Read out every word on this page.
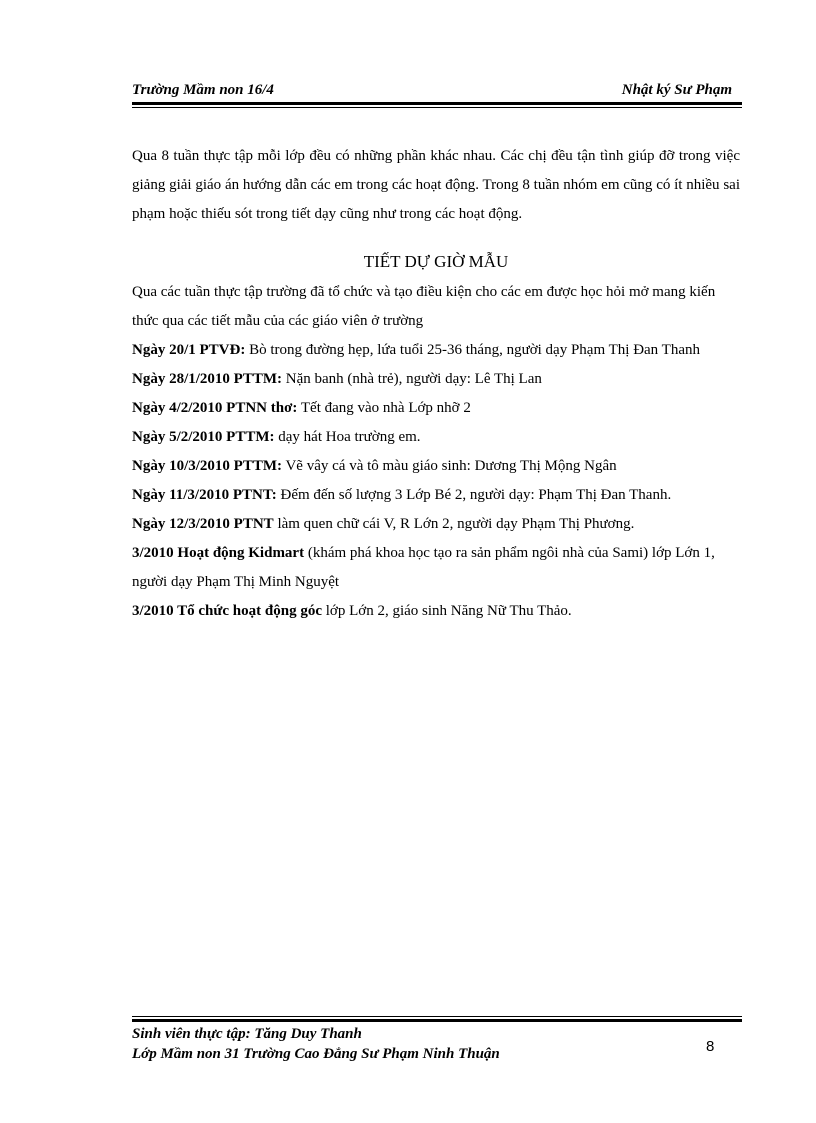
Trường Mầm non 16/4	Nhật ký Sư Phạm

Qua 8 tuần thực tập mỗi lớp đều có những phần khác nhau. Các chị đều tận tình giúp đỡ trong việc giảng giải giáo án hướng dẫn các em trong các hoạt động. Trong 8 tuần nhóm em cũng có ít nhiều sai phạm hoặc thiếu sót trong tiết dạy cũng như trong các hoạt động.

TIẾT DỰ GIỜ MẪU

Qua các tuần thực tập trường đã tổ chức và tạo điều kiện cho các em được học hỏi mở mang kiến thức qua các tiết mẫu của các giáo viên ở trường

Ngày 20/1 PTVĐ: Bò trong đường hẹp, lứa tuổi 25-36 tháng, người dạy Phạm Thị Đan Thanh

Ngày 28/1/2010 PTTM: Nặn banh (nhà trẻ), người dạy: Lê Thị Lan

Ngày 4/2/2010 PTNN thơ: Tết đang vào nhà Lớp nhỡ 2

Ngày 5/2/2010 PTTM: dạy hát Hoa trường em.

Ngày 10/3/2010 PTTM: Vẽ vây cá và tô màu giáo sinh: Dương Thị Mộng Ngân

Ngày 11/3/2010 PTNT: Đếm đến số lượng 3 Lớp Bé 2, người dạy: Phạm Thị Đan Thanh.

Ngày 12/3/2010 PTNT làm quen chữ cái V, R Lớn 2, người dạy Phạm Thị Phương.

3/2010 Hoạt động Kidmart (khám phá khoa học tạo ra sản phẩm ngôi nhà của Sami) lớp Lớn 1, người dạy Phạm Thị Minh Nguyệt

3/2010 Tổ chức hoạt động góc lớp Lớn 2, giáo sinh Năng Nữ Thu Thảo.

Sinh viên thực tập: Tăng Duy Thanh
Lớp Mầm non 31 Trường Cao Đẳng Sư Phạm Ninh Thuận	8
